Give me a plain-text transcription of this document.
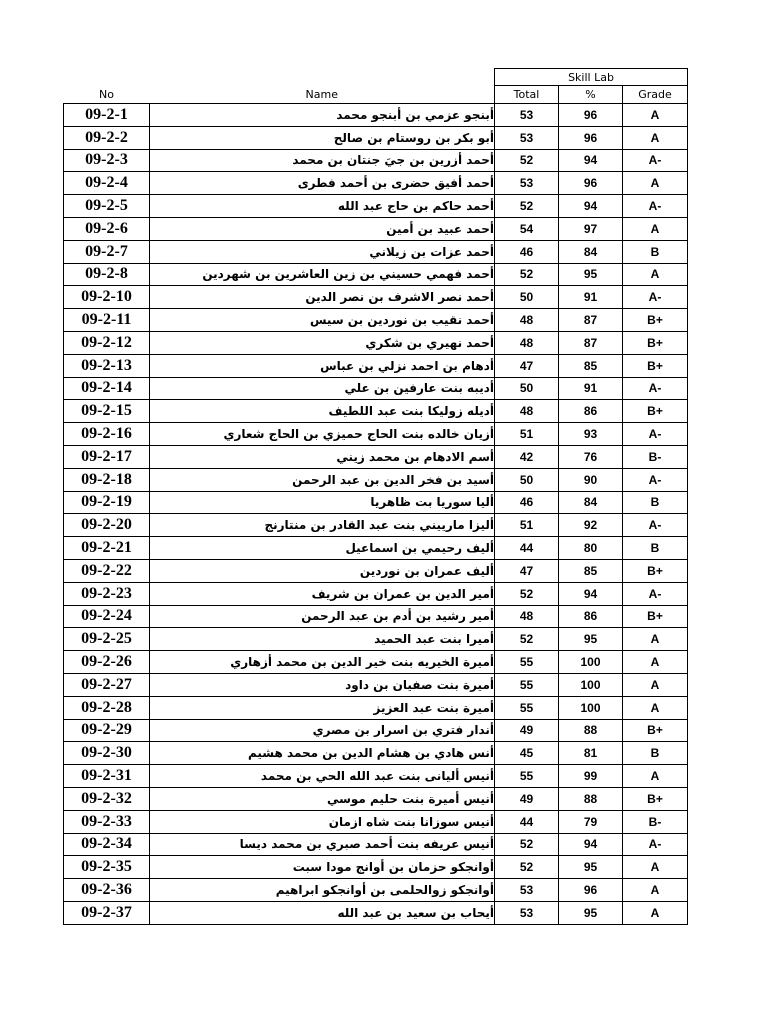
		Skill Lab		
No	Name	Total	%	Grade
09-2-1	أبنجو عزمي بن أبنجو محمد	53	96	A
09-2-2	أبو بكر بن روستام بن صالح	53	96	A
09-2-3	أحمد أزرين بن جيَ جنتان بن محمد	52	94	A-
09-2-4	أحمد أفيق حضرى بن أحمد فطرى	53	96	A
09-2-5	أحمد حاكم بن حاج عبد الله	52	94	A-
09-2-6	أحمد عبيد بن أمين	54	97	A
09-2-7	أحمد عزات بن زيلاني	46	84	B
09-2-8	أحمد فهمي حسيني بن زين العاشرين بن شهردين	52	95	A
09-2-10	أحمد نصر الاشرف بن نصر الدين	50	91	A-
09-2-11	أحمد نقيب بن نوردين بن سيس	48	87	B+
09-2-12	أحمد نهيري بن شكري	48	87	B+
09-2-13	أدهام بن احمد نزلي بن عباس	47	85	B+
09-2-14	أديبه بنت عارفين بن علي	50	91	A-
09-2-15	أديله زوليكا بنت عبد اللطيف	48	86	B+
09-2-16	أزيان خالده بنت الحاج حميزي بن الحاج شعاري	51	93	A-
09-2-17	أسم الادهام بن محمد زيني	42	76	B-
09-2-18	أسيد بن فخر الدين بن عبد الرحمن	50	90	A-
09-2-19	أليا سوريا بت ظاهريا	46	84	B
09-2-20	أليزا مارييني بنت عبد القادر بن منتارنج	51	92	A-
09-2-21	أليف رحيمي بن اسماعيل	44	80	B
09-2-22	أليف عمران بن نوردين	47	85	B+
09-2-23	أمير الدين بن عمران بن شريف	52	94	A-
09-2-24	أمير رشيد بن أدم بن عبد الرحمن	48	86	B+
09-2-25	أميرا بنت عبد الحميد	52	95	A
09-2-26	أميرة الخيريه بنت خير الدين بن محمد أزهاري	55	100	A
09-2-27	أميرة بنت صفيان بن داود	55	100	A
09-2-28	أميرة بنت عبد العزيز	55	100	A
09-2-29	أندار فتري بن اسرار بن مصري	49	88	B+
09-2-30	أنس هادي بن هشام الدين بن محمد هشيم	45	81	B
09-2-31	أنيس أليانى بنت عبد الله الحي بن محمد	55	99	A
09-2-32	أنيس أميرة بنت حليم موسي	49	88	B+
09-2-33	أنيس سوزانا بنت شاه ازمان	44	79	B-
09-2-34	أنيس عريفه بنت أحمد صبري بن محمد ديسا	52	94	A-
09-2-35	أوانجكو حزمان بن أوانج مودا سبت	52	95	A
09-2-36	أوانجكو زوالحلمى بن أوانجكو ابراهيم	53	96	A
09-2-37	أيحاب بن سعيد بن عبد الله	53	95	A
